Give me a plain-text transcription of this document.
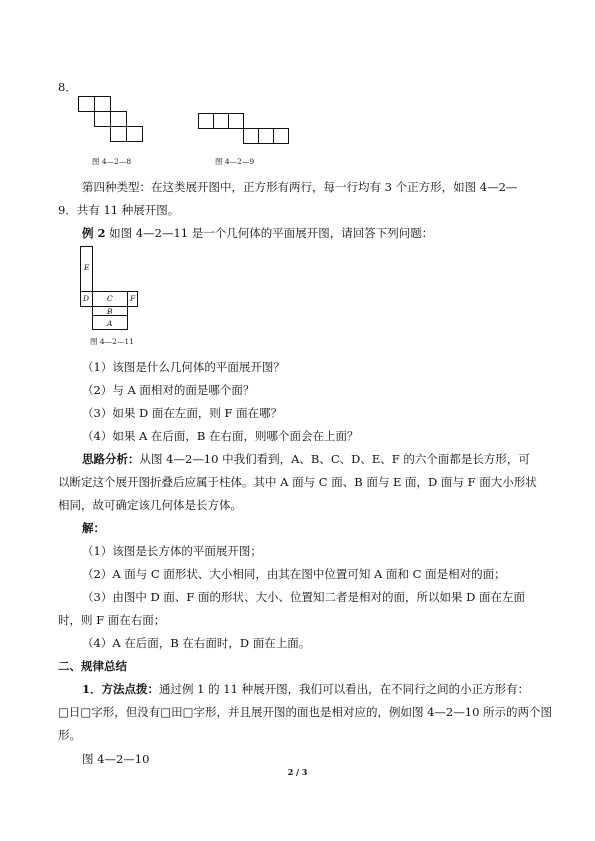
8．
图 4—2—8	图 4—2—9
第四种类型：在这类展开图中，正方形有两行，每一行均有 3 个正方形，如图 4—2—
9．共有 11 种展开图。
例 2 如图 4—2—11 是一个几何体的平面展开图，请回答下列问题：
E
D C F
B
A
图 4—2—11
（1）该图是什么几何体的平面展开图？
（2）与 A 面相对的面是哪个面？
（3）如果 D 面在左面，则 F 面在哪？
（4）如果 A 在后面，B 在右面，则哪个面会在上面？
思路分析：从图 4—2—10 中我们看到，A、B、C、D、E、F 的六个面都是长方形，可
以断定这个展开图折叠后应属于柱体。其中 A 面与 C 面、B 面与 E 面，D 面与 F 面大小形状
相同，故可确定该几何体是长方体。
解：
（1）该图是长方体的平面展开图；
（2）A 面与 C 面形状、大小相同，由其在图中位置可知 A 面和 C 面是相对的面；
（3）由图中 D 面、F 面的形状、大小、位置知二者是相对的面，所以如果 D 面在左面
时，则 F 面在右面；
（4）A 在后面，B 在右面时，D 面在上面。
二、规律总结
1．方法点拨：通过例 1 的 11 种展开图，我们可以看出，在不同行之间的小正方形有：
□日□字形，但没有□田□字形，并且展开图的面也是相对应的，例如图 4—2—10 所示的两个图
形。
图 4—2—10
2 / 3
